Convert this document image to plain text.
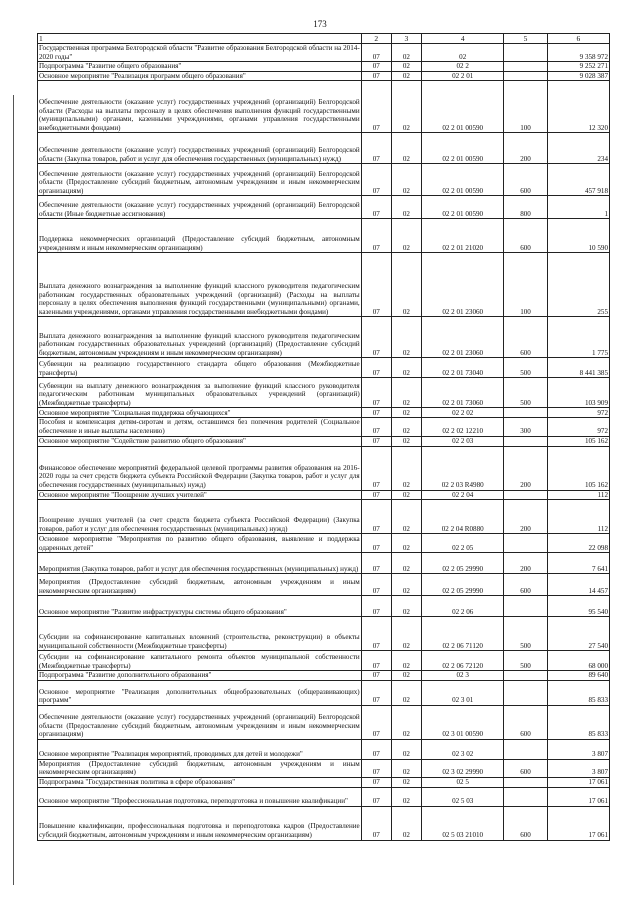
173
1	2	3	4	5	6
Государственная программа Белгородской области "Развитие образования Белгородской области на 2014-2020 годы"	07	02	02		9 358 972
Подпрограмма "Развитие общего образования"	07	02	02 2		9 252 271
Основное мероприятие "Реализация программ общего образования"	07	02	02 2 01		9 028 387
Обеспечение деятельности (оказание услуг) государственных учреждений (организаций) Белгородской области (Расходы на выплаты персоналу в целях обеспечения выполнения функций государственными (муниципальными) органами, казенными учреждениями, органами управления государственными внебюджетными фондами)	07	02	02 2 01 00590	100	12 320
Обеспечение деятельности (оказание услуг) государственных учреждений (организаций) Белгородской области (Закупка товаров, работ и услуг для обеспечения государственных (муниципальных) нужд)	07	02	02 2 01 00590	200	234
Обеспечение деятельности (оказание услуг) государственных учреждений (организаций) Белгородской области (Предоставление субсидий бюджетным, автономным учреждениям и иным некоммерческим организациям)	07	02	02 2 01 00590	600	457 918
Обеспечение деятельности (оказание услуг) государственных учреждений (организаций) Белгородской области (Иные бюджетные ассигнования)	07	02	02 2 01 00590	800	1
Поддержка некоммерческих организаций (Предоставление субсидий бюджетным, автономным учреждениям и иным некоммерческим организациям)	07	02	02 2 01 21020	600	10 590
Выплата денежного вознаграждения за выполнение функций классного руководителя педагогическим работникам государственных образовательных учреждений (организаций) (Расходы на выплаты персоналу в целях обеспечения выполнения функций государственными (муниципальными) органами, казенными учреждениями, органами управления государственными внебюджетными фондами)	07	02	02 2 01 23060	100	255
Выплата денежного вознаграждения за выполнение функций классного руководителя педагогическим работникам государственных образовательных учреждений (организаций) (Предоставление субсидий бюджетным, автономным учреждениям и иным некоммерческим организациям)	07	02	02 2 01 23060	600	1 775
Субвенции на реализацию государственного стандарта общего образования (Межбюджетные трансферты)	07	02	02 2 01 73040	500	8 441 385
Субвенции на выплату денежного вознаграждения за выполнение функций классного руководителя педагогическим работникам муниципальных образовательных учреждений (организаций) (Межбюджетные трансферты)	07	02	02 2 01 73060	500	103 909
Основное мероприятие "Социальная поддержка обучающихся"	07	02	02 2 02		972
Пособия и компенсация детям-сиротам и детям, оставшимся без попечения родителей (Социальное обеспечение и иные выплаты населению)	07	02	02 2 02 12210	300	972
Основное мероприятие "Содействие развитию общего образования"	07	02	02 2 03		105 162
Финансовое обеспечение мероприятий федеральной целевой программы развития образования на 2016-2020 годы за счет средств бюджета субъекта Российской Федерации (Закупка товаров, работ и услуг для обеспечения государственных (муниципальных) нужд)	07	02	02 2 03 R4980	200	105 162
Основное мероприятие "Поощрение лучших учителей"	07	02	02 2 04		112
Поощрение лучших учителей (за счет средств бюджета субъекта Российской Федерации) (Закупка товаров, работ и услуг для обеспечения государственных (муниципальных) нужд)	07	02	02 2 04 R0880	200	112
Основное мероприятие "Мероприятия по развитию общего образования, выявление и поддержка одаренных детей"	07	02	02 2 05		22 098
Мероприятия (Закупка товаров, работ и услуг для обеспечения государственных (муниципальных) нужд)	07	02	02 2 05 29990	200	7 641
Мероприятия (Предоставление субсидий бюджетным, автономным учреждениям и иным некоммерческим организациям)	07	02	02 2 05 29990	600	14 457
Основное мероприятие "Развитие инфраструктуры системы общего образования"	07	02	02 2 06		95 540
Субсидии на софинансирование капитальных вложений (строительства, реконструкции) в объекты муниципальной собственности (Межбюджетные трансферты)	07	02	02 2 06 71120	500	27 540
Субсидии на софинансирование капитального ремонта объектов муниципальной собственности (Межбюджетные трансферты)	07	02	02 2 06 72120	500	68 000
Подпрограмма "Развитие дополнительного образования"	07	02	02 3		89 640
Основное мероприятие "Реализация дополнительных общеобразовательных (общеразвивающих) программ"	07	02	02 3 01		85 833
Обеспечение деятельности (оказание услуг) государственных учреждений (организаций) Белгородской области (Предоставление субсидий бюджетным, автономным учреждениям и иным некоммерческим организациям)	07	02	02 3 01 00590	600	85 833
Основное мероприятие "Реализация мероприятий, проводимых для детей и молодежи"	07	02	02 3 02		3 807
Мероприятия (Предоставление субсидий бюджетным, автономным учреждениям и иным некоммерческим организациям)	07	02	02 3 02 29990	600	3 807
Подпрограмма "Государственная политика в сфере образования"	07	02	02 5		17 061
Основное мероприятие "Профессиональная подготовка, переподготовка и повышение квалификации"	07	02	02 5 03		17 061
Повышение квалификации, профессиональная подготовка и переподготовка кадров (Предоставление субсидий бюджетным, автономным учреждениям и иным некоммерческим организациям)	07	02	02 5 03 21010	600	17 061
